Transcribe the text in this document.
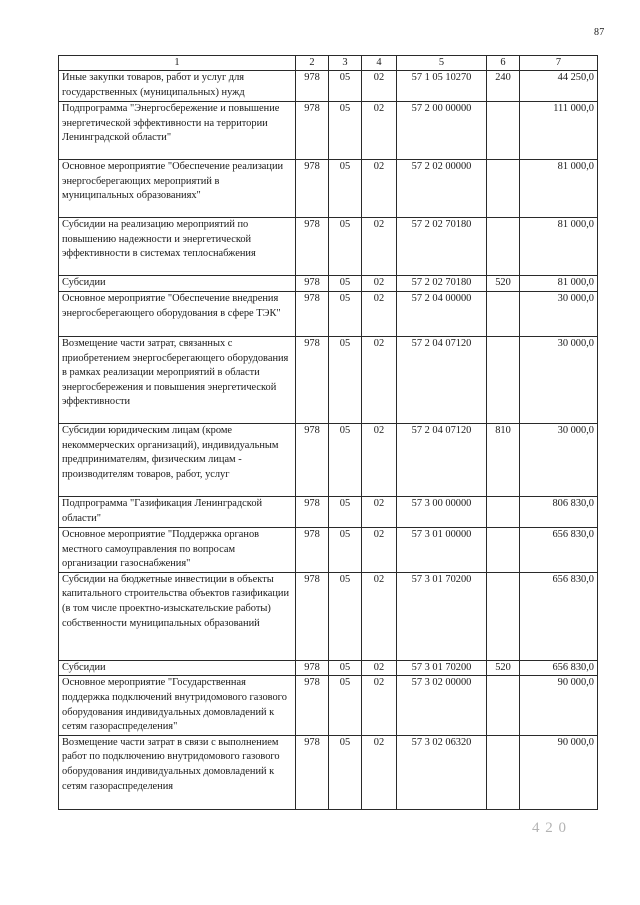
87
1	2	3	4	5	6	7
Иные закупки товаров, работ и услуг для государственных (муниципальных) нужд	978	05	02	57 1 05 10270	240	44 250,0
Подпрограмма "Энергосбережение и повышение энергетической эффективности на территории Ленинградской области"	978	05	02	57 2 00 00000		111 000,0
Основное мероприятие "Обеспечение реализации энергосберегающих мероприятий в муниципальных образованиях"	978	05	02	57 2 02 00000		81 000,0
Субсидии на реализацию мероприятий по повышению надежности и энергетической эффективности в системах теплоснабжения	978	05	02	57 2 02 70180		81 000,0
Субсидии	978	05	02	57 2 02 70180	520	81 000,0
Основное мероприятие "Обеспечение внедрения энергосберегающего оборудования в сфере ТЭК"	978	05	02	57 2 04 00000		30 000,0
Возмещение части затрат, связанных с приобретением энергосберегающего оборудования в рамках реализации мероприятий в области энергосбережения и повышения энергетической эффективности	978	05	02	57 2 04 07120		30 000,0
Субсидии юридическим лицам (кроме некоммерческих организаций), индивидуальным предпринимателям, физическим лицам - производителям товаров, работ, услуг	978	05	02	57 2 04 07120	810	30 000,0
Подпрограмма "Газификация Ленинградской области"	978	05	02	57 3 00 00000		806 830,0
Основное мероприятие "Поддержка органов местного самоуправления по вопросам организации газоснабжения"	978	05	02	57 3 01 00000		656 830,0
Субсидии на бюджетные инвестиции в объекты капитального строительства объектов газификации (в том числе проектно-изыскательские работы) собственности муниципальных образований	978	05	02	57 3 01 70200		656 830,0
Субсидии	978	05	02	57 3 01 70200	520	656 830,0
Основное мероприятие "Государственная поддержка подключений внутридомового газового оборудования индивидуальных домовладений к сетям газораспределения"	978	05	02	57 3 02 00000		90 000,0
Возмещение части затрат в связи с выполнением работ по подключению внутридомового газового оборудования индивидуальных домовладений к сетям газораспределения	978	05	02	57 3 02 06320		90 000,0
4 2 0
